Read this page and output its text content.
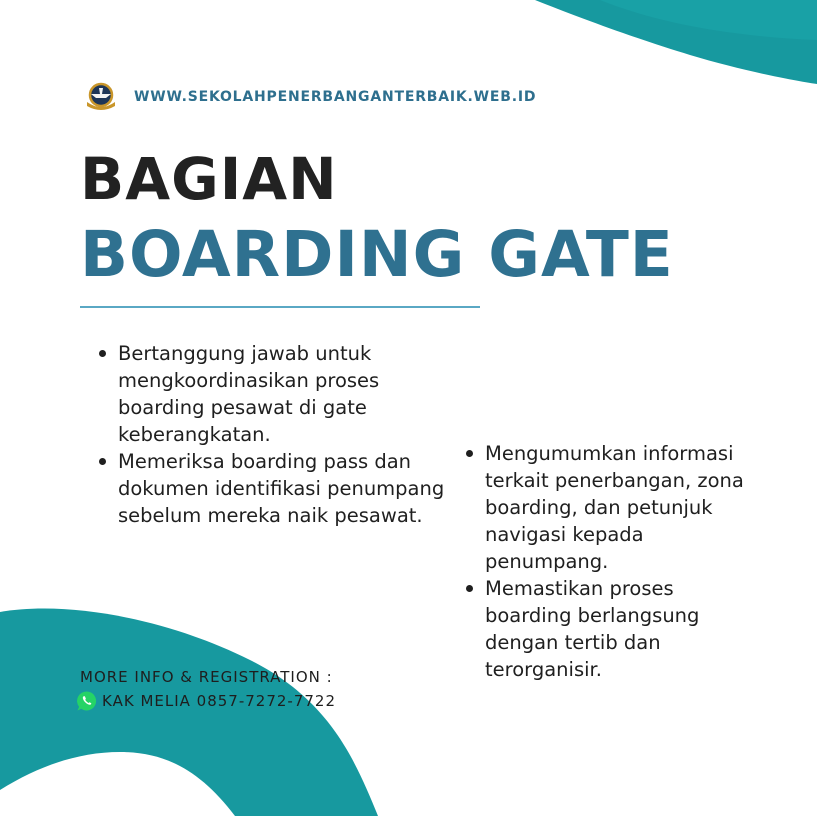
WWW.SEKOLAHPENERBANGANTERBAIK.WEB.ID
BAGIAN
BOARDING GATE
Bertanggung jawab untuk mengkoordinasikan proses boarding pesawat di gate keberangkatan.
Memeriksa boarding pass dan dokumen identifikasi penumpang sebelum mereka naik pesawat.
Mengumumkan informasi terkait penerbangan, zona boarding, dan petunjuk navigasi kepada penumpang.
Memastikan proses boarding berlangsung dengan tertib dan terorganisir.
MORE INFO & REGISTRATION :
KAK MELIA 0857-7272-7722
